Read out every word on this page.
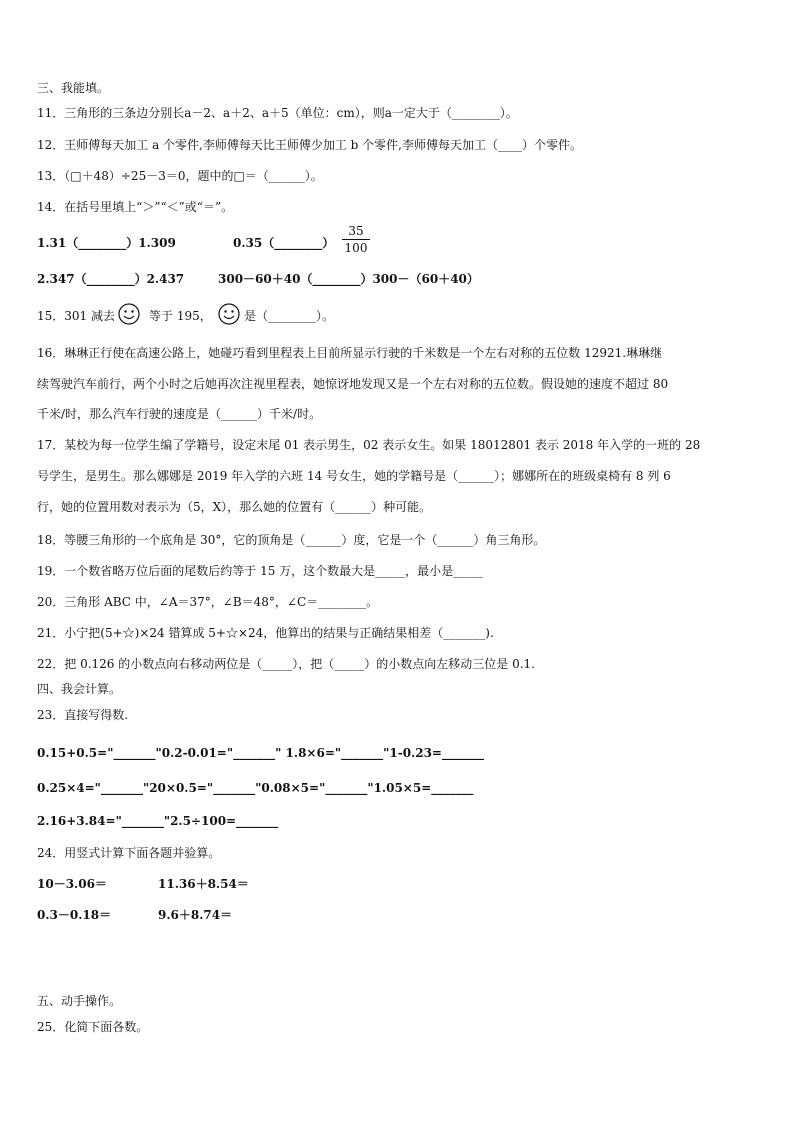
三、我能填。
11．三角形的三条边分别长a－2、a＋2、a＋5（单位：cm），则a一定大于（________）。
12．王师傅每天加工 a 个零件,李师傅每天比王师傅少加工 b 个零件,李师傅每天加工（____）个零件。
13．（□＋48）÷25－3＝0，题中的□＝（______）。
14．在括号里填上“＞”“＜”或“＝”。
1.31（________）1.309	0.35（________）
35
100
2.347（________）2.437	300－60＋40（________）300－（60＋40）
15．301 减去	等于 195，	是（________）。
16．琳琳正行使在高速公路上，她碰巧看到里程表上目前所显示行驶的千米数是一个左右对称的五位数 12921.琳琳继
续驾驶汽车前行，两个小时之后她再次注视里程表，她惊讶地发现又是一个左右对称的五位数。假设她的速度不超过 80
千米/时，那么汽车行驶的速度是（______）千米/时。
17．某校为每一位学生编了学籍号，设定末尾 01 表示男生，02 表示女生。如果 18012801 表示 2018 年入学的一班的 28
号学生，是男生。那么娜娜是 2019 年入学的六班 14 号女生，她的学籍号是（______）；娜娜所在的班级桌椅有 8 列 6
行，她的位置用数对表示为（5，X），那么她的位置有（______）种可能。
18．等腰三角形的一个底角是 30°，它的顶角是（______）度，它是一个（______）角三角形。
19．一个数省略万位后面的尾数后约等于 15 万，这个数最大是_____，最小是_____
20．三角形 ABC 中，∠A＝37°，∠B＝48°，∠C＝________。
21．小宁把(5+☆)×24 错算成 5+☆×24，他算出的结果与正确结果相差（_______).
22．把 0.126 的小数点向右移动两位是（_____），把（_____）的小数点向左移动三位是 0.1.
四、我会计算。
23．直接写得数.
0.15+0.5="_______"0.2-0.01="_______" 1.8×6="_______"1-0.23=_______
0.25×4="_______"20×0.5="_______"0.08×5="_______"1.05×5=_______
2.16+3.84="_______"2.5÷100=_______
24．用竖式计算下面各题并验算。
10－3.06＝	11.36＋8.54＝
0.3－0.18＝	9.6＋8.74＝
五、动手操作。
25．化简下面各数。
